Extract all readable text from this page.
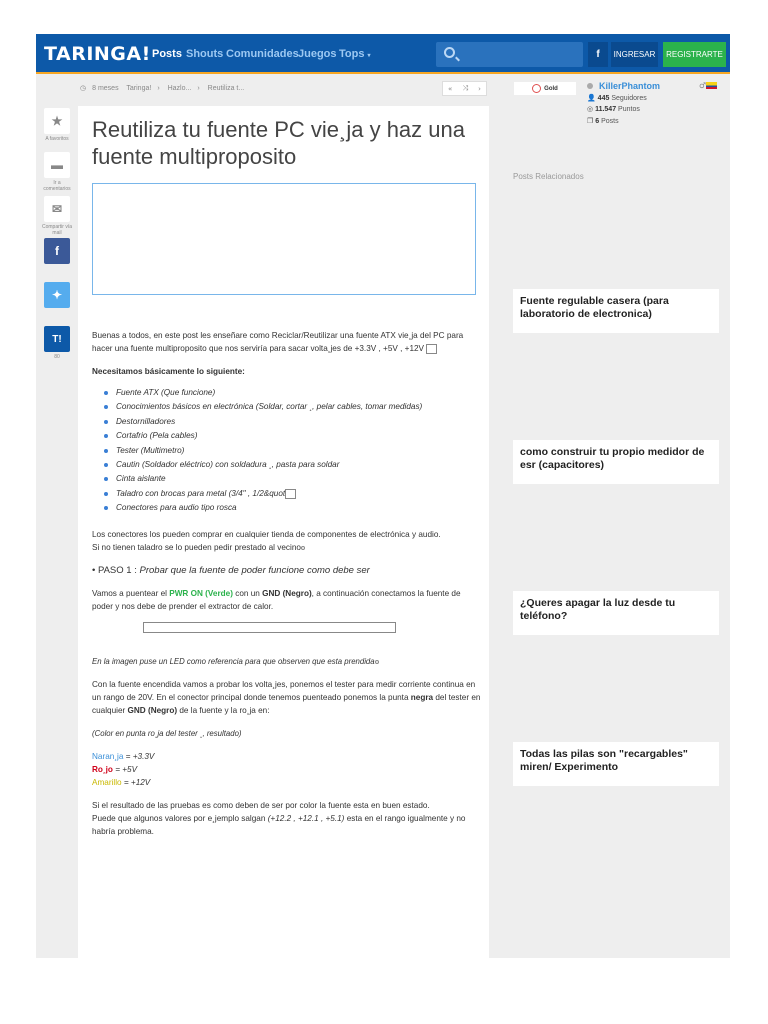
TARINGA! Posts Shouts Comunidades Juegos Tops ▾	f	INGRESAR	REGISTRARTE
◷ 8 meses Taringa! › Hazlo... › Reutiliza t...	« ⤨ ›
★
A favoritos
▬
Ir a comentarios
✉
Compartir vía mail
f
✦
T!
80
Reutiliza tu fuente PC vie¸ja y haz una fuente multiproposito

Buenas a todos, en este post les enseñare como Reciclar/Reutilizar una fuente ATX vie¸ja del PC para hacer una fuente multiproposito que nos serviría para sacar volta¸jes de +3.3V , +5V , +12V

Necesitamos básicamente lo siguiente:

Fuente ATX (Que funcione)
Conocimientos básicos en electrónica (Soldar, cortar ¸, pelar cables, tomar medidas)
Destornilladores
Cortafrio (Pela cables)
Tester (Multimetro)
Cautin (Soldador eléctrico) con soldadura ¸, pasta para soldar
Cinta aislante
Taladro con brocas para metal (3/4" , 1/2&quot
Conectores para audio tipo rosca

Los conectores los pueden comprar en cualquier tienda de componentes de electrónica y audio.

Si no tienen taladro se lo pueden pedir prestado al vecino

• PASO 1 : Probar que la fuente de poder funcione como debe ser

Vamos a puentear el PWR ON (Verde) con un GND (Negro), a continuación conectamos la fuente de poder y nos debe de prender el extractor de calor.

En la imagen puse un LED como referencia para que observen que esta prendida

Con la fuente encendida vamos a probar los volta¸jes, ponemos el tester para medir corriente continua en un rango de 20V. En el conector principal donde tenemos puenteado ponemos la punta negra del tester en cualquier GND (Negro) de la fuente y la ro¸ja en:

(Color en punta ro¸ja del tester ¸, resultado)

Naran¸ja = +3.3V

Ro¸jo = +5V

Amarillo = +12V

Si el resultado de las pruebas es como deben de ser por color la fuente esta en buen estado.

Puede que algunos valores por e¸jemplo salgan (+12.2 , +12.1 , +5.1) esta en el rango igualmente y no habría problema.

Gold	KillerPhantom
👤 445 Seguidores
◎ 11.547 Puntos
❐ 6 Posts
♂
Posts Relacionados
Fuente regulable casera (para laboratorio de electronica)
como construir tu propio medidor de esr (capacitores)
¿Queres apagar la luz desde tu teléfono?
Todas las pilas son "recargables" miren/ Experimento
